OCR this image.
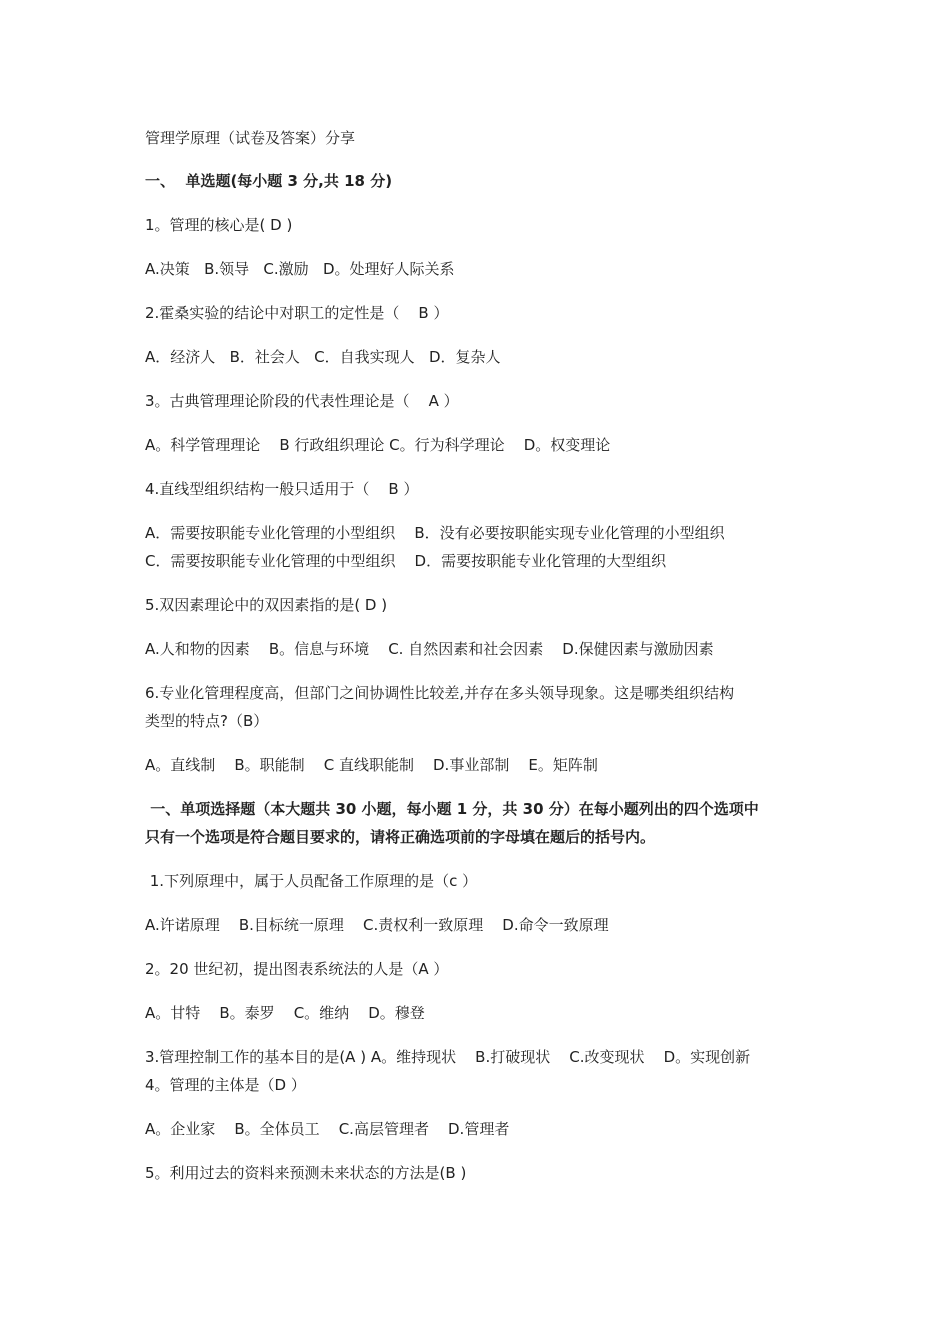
管理学原理（试卷及答案）分享
一、  单选题(每小题 3 分,共 18 分)
1。管理的核心是( D )
A.决策   B.领导   C.激励   D。处理好人际关系
2.霍桑实验的结论中对职工的定性是（    B ）
A．经济人   B．社会人   C．自我实现人   D．复杂人
3。古典管理理论阶段的代表性理论是（    A ）
A。科学管理理论    B 行政组织理论 C。行为科学理论    D。权变理论
4.直线型组织结构一般只适用于（    B ）
A．需要按职能专业化管理的小型组织    B．没有必要按职能实现专业化管理的小型组织
C．需要按职能专业化管理的中型组织    D．需要按职能专业化管理的大型组织
5.双因素理论中的双因素指的是( D )
A.人和物的因素    B。信息与环境    C. 自然因素和社会因素    D.保健因素与激励因素
6.专业化管理程度高，但部门之间协调性比较差,并存在多头领导现象。这是哪类组织结构
类型的特点?（B）
A。直线制    B。职能制    C 直线职能制    D.事业部制    E。矩阵制
一、单项选择题（本大题共 30 小题，每小题 1 分，共 30 分）在每小题列出的四个选项中
只有一个选项是符合题目要求的，请将正确选项前的字母填在题后的括号内。
1.下列原理中，属于人员配备工作原理的是（c ）
A.许诺原理    B.目标统一原理    C.责权利一致原理    D.命令一致原理
2。20 世纪初，提出图表系统法的人是（A ）
A。甘特    B。泰罗    C。维纳    D。穆登
3.管理控制工作的基本目的是(A ) A。维持现状    B.打破现状    C.改变现状    D。实现创新
4。管理的主体是（D ）
A。企业家    B。全体员工    C.高层管理者    D.管理者
5。利用过去的资料来预测未来状态的方法是(B )
